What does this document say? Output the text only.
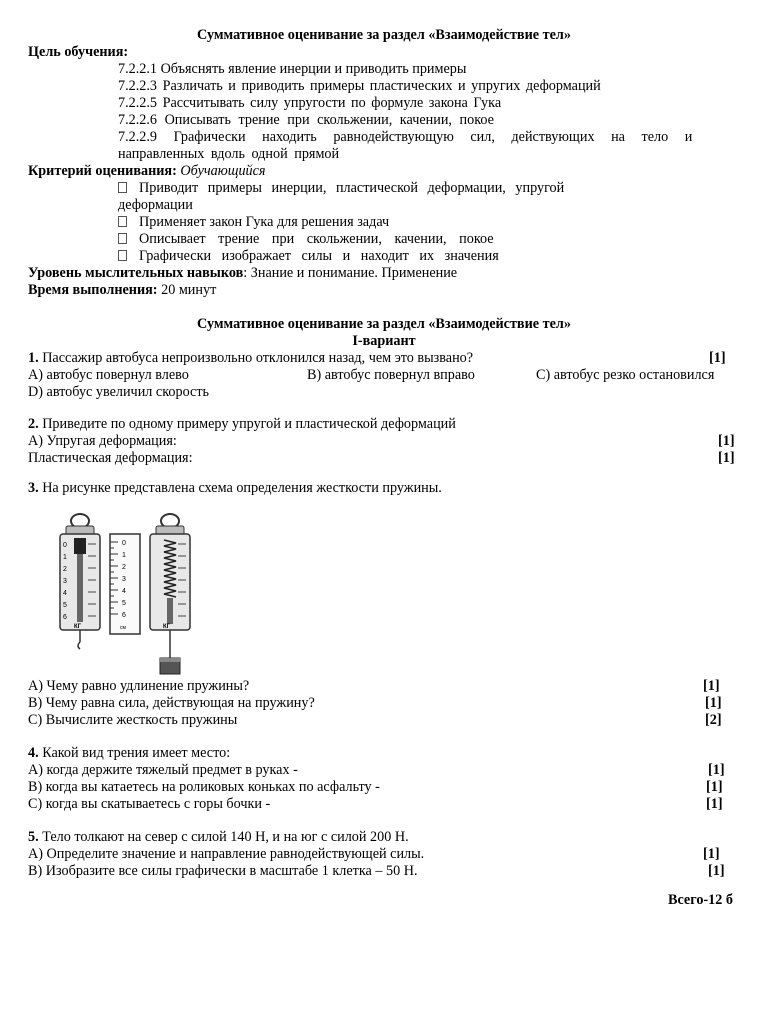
Суммативное оценивание за раздел «Взаимодействие тел»
Цель обучения:
7.2.2.1 Объяснять явление инерции и приводить примеры
7.2.2.3 Различать и приводить примеры пластических и упругих деформаций
7.2.2.5 Рассчитывать силу упругости по формуле закона Гука
7.2.2.6 Описывать трение при скольжении, качении, покое
7.2.2.9 Графически находить равнодействующую сил, действующих на тело и
направленных вдоль одной прямой
Критерий оценивания: Обучающийся
Приводит примеры инерции, пластической деформации, упругой
деформации
Применяет закон Гука для решения задач
Описывает трение при скольжении, качении, покое
Графически изображает силы и находит их значения
Уровень мыслительных навыков: Знание и понимание. Применение
Время выполнения: 20 минут
Суммативное оценивание за раздел «Взаимодействие тел»
I-вариант
1. Пассажир автобуса непроизвольно отклонился назад, чем это вызвано?	[1]
A) автобус повернул влево	B) автобус повернул вправо	C) автобус резко остановился
D) автобус увеличил скорость
2. Приведите по одному примеру упругой и пластической деформаций
A) Упругая деформация:	[1]
Пластическая деформация:	[1]
3. На рисунке представлена схема определения жесткости пружины.
0
1
2
3
4
5
6
КГ
0
1
2
3
4
5
6
см	КГ
A) Чему равно удлинение пружины?	[1]
B) Чему равна сила, действующая на пружину?	[1]
C) Вычислите жесткость пружины	[2]
4. Какой вид трения имеет место:
A) когда держите тяжелый предмет в руках -	[1]
B) когда вы катаетесь на роликовых коньках по асфальту -	[1]
C) когда вы скатываетесь с горы бочки -	[1]
5. Тело толкают на север с силой 140 Н, и на юг с силой 200 Н.
A) Определите значение и направление равнодействующей силы.	[1]
B) Изобразите все силы графически в масштабе 1 клетка – 50 Н.	[1]
Всего-12 б
